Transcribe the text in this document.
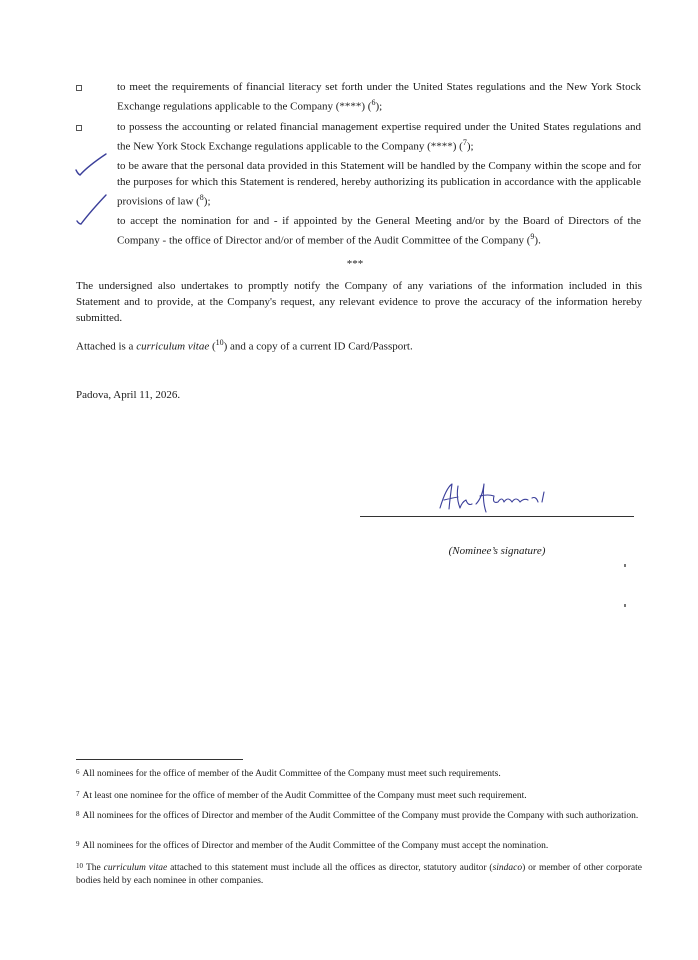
to meet the requirements of financial literacy set forth under the United States regulations and the New York Stock Exchange regulations applicable to the Company (****) ($^6$);
to possess the accounting or related financial management expertise required under the United States regulations and the New York Stock Exchange regulations applicable to the Company (****) ($^7$);
to be aware that the personal data provided in this Statement will be handled by the Company within the scope and for the purposes for which this Statement is rendered, hereby authorizing its publication in accordance with the applicable provisions of law ($^8$);
to accept the nomination for and - if appointed by the General Meeting and/or by the Board of Directors of the Company - the office of Director and/or of member of the Audit Committee of the Company ($^9$).
***
The undersigned also undertakes to promptly notify the Company of any variations of the information included in this Statement and to provide, at the Company's request, any relevant evidence to prove the accuracy of the information hereby submitted.
Attached is a curriculum vitae ($^{10}$) and a copy of a current ID Card/Passport.
Padova, April 11, 2026.
(Nominee’s signature)
$^6$ All nominees for the office of member of the Audit Committee of the Company must meet such requirements.
$^7$ At least one nominee for the office of member of the Audit Committee of the Company must meet such requirement.
$^8$ All nominees for the offices of Director and member of the Audit Committee of the Company must provide the Company with such authorization.
$^9$ All nominees for the offices of Director and member of the Audit Committee of the Company must accept the nomination.
$^{10}$ The curriculum vitae attached to this statement must include all the offices as director, statutory auditor (sindaco) or member of other corporate bodies held by each nominee in other companies.
